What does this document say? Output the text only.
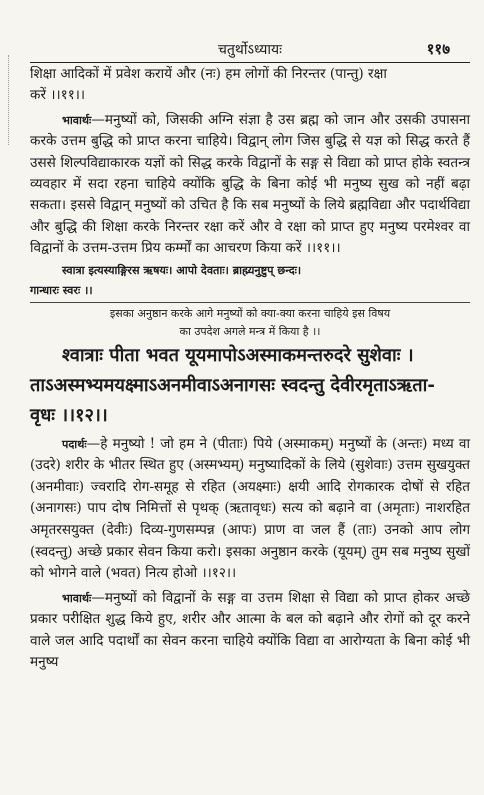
चतुर्थोऽध्यायः	११७

शिक्षा आदिकों में प्रवेश करायें और (नः) हम लोगों की निरन्तर (पान्तु) रक्षा

करें ।।११।।

भावार्थः—मनुष्यों को, जिसकी अग्नि संज्ञा है उस ब्रह्म को जान और उसकी उपासना करके उत्तम बुद्धि को प्राप्त करना चाहिये। विद्वान् लोग जिस बुद्धि से यज्ञ को सिद्ध करते हैं उससे शिल्पविद्याकारक यज्ञों को सिद्ध करके विद्वानों के सङ्ग से विद्या को प्राप्त होके स्वतन्त्र व्यवहार में सदा रहना चाहिये क्योंकि बुद्धि के बिना कोई भी मनुष्य सुख को नहीं बढ़ा सकता। इससे विद्वान् मनुष्यों को उचित है कि सब मनुष्यों के लिये ब्रह्मविद्या और पदार्थविद्या और बुद्धि की शिक्षा करके निरन्तर रक्षा करें और वे रक्षा को प्राप्त हुए मनुष्य परमेश्वर वा विद्वानों के उत्तम-उत्तम प्रिय कर्म्मों का आचरण किया करें ।।११।।

स्वात्रा इत्यस्याङ्गिरस ऋषयः। आपो देवताः। ब्राह्म्यनुष्टुप् छन्दः।

गान्धारः स्वरः ।।

इसका अनुष्ठान करके आगे मनुष्यों को क्या-क्या करना चाहिये इस विषय

का उपदेश अगले मन्त्र में किया है ।।

श्वात्राः पीता भवत यूयमापोऽअस्माकमन्तरुदरे सुशेवाः ।

ताऽअस्मभ्यमयक्ष्माऽअनमीवाऽअनागसः स्वदन्तु देवीरमृताऽऋता-

वृधः ।।१२।।

पदार्थः—हे मनुष्यो ! जो हम ने (पीताः) पिये (अस्माकम्) मनुष्यों के (अन्तः) मध्य वा (उदरे) शरीर के भीतर स्थित हुए (अस्मभ्यम्) मनुष्यादिकों के लिये (सुशेवाः) उत्तम सुखयुक्त (अनमीवाः) ज्वरादि रोग-समूह से रहित (अयक्ष्माः) क्षयी आदि रोगकारक दोषों से रहित (अनागसः) पाप दोष निमित्तों से पृथक् (ऋतावृधः) सत्य को बढ़ाने वा (अमृताः) नाशरहित अमृतरसयुक्त (देवीः) दिव्य-गुणसम्पन्न (आपः) प्राण वा जल हैं (ताः) उनको आप लोग (स्वदन्तु) अच्छे प्रकार सेवन किया करो। इसका अनुष्ठान करके (यूयम्) तुम सब मनुष्य सुखों को भोगने वाले (भवत) नित्य होओ ।।१२।।

भावार्थः—मनुष्यों को विद्वानों के सङ्ग वा उत्तम शिक्षा से विद्या को प्राप्त होकर अच्छे प्रकार परीक्षित शुद्ध किये हुए, शरीर और आत्मा के बल को बढ़ाने और रोगों को दूर करने वाले जल आदि पदार्थों का सेवन करना चाहिये क्योंकि विद्या वा आरोग्यता के बिना कोई भी मनुष्य
